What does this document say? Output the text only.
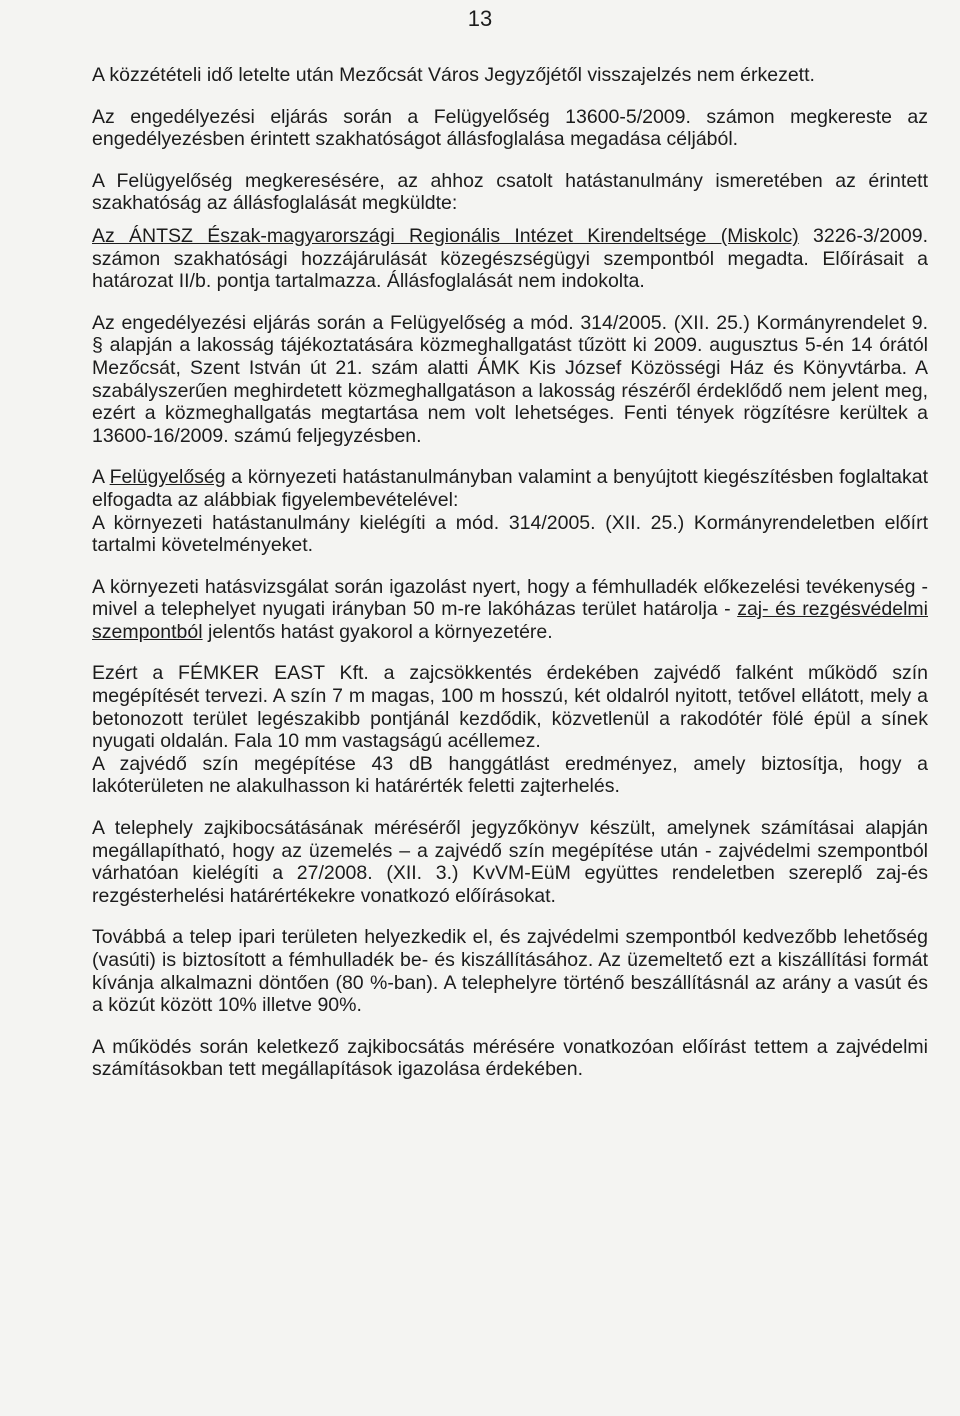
13

A közzétételi idő letelte után Mezőcsát Város Jegyzőjétől visszajelzés nem érkezett.

Az engedélyezési eljárás során a Felügyelőség 13600-5/2009. számon megkereste az engedélyezésben érintett szakhatóságot állásfoglalása megadása céljából.

A Felügyelőség megkeresésére, az ahhoz csatolt hatástanulmány ismeretében az érintett szakhatóság az állásfoglalását megküldte:

Az ÁNTSZ Észak-magyarországi Regionális Intézet Kirendeltsége (Miskolc) 3226-3/2009. számon szakhatósági hozzájárulását közegészségügyi szempontból megadta. Előírásait a határozat II/b. pontja tartalmazza. Állásfoglalását nem indokolta.

Az engedélyezési eljárás során a Felügyelőség a mód. 314/2005. (XII. 25.) Kormányrendelet 9. § alapján a lakosság tájékoztatására közmeghallgatást tűzött ki 2009. augusztus 5-én 14 órától Mezőcsát, Szent István út 21. szám alatti ÁMK Kis József Közösségi Ház és Könyvtárba. A szabályszerűen meghirdetett közmeghallgatáson a lakosság részéről érdeklődő nem jelent meg, ezért a közmeghallgatás megtartása nem volt lehetséges. Fenti tények rögzítésre kerültek a 13600-16/2009. számú feljegyzésben.

A Felügyelőség a környezeti hatástanulmányban valamint a benyújtott kiegészítésben foglaltakat elfogadta az alábbiak figyelembevételével:

A környezeti hatástanulmány kielégíti a mód. 314/2005. (XII. 25.) Kormányrendeletben előírt tartalmi követelményeket.

A környezeti hatásvizsgálat során igazolást nyert, hogy a fémhulladék előkezelési tevékenység - mivel a telephelyet nyugati irányban 50 m-re lakóházas terület határolja - zaj- és rezgésvédelmi szempontból jelentős hatást gyakorol a környezetére.

Ezért a FÉMKER EAST Kft. a zajcsökkentés érdekében zajvédő falként működő szín megépítését tervezi. A szín 7 m magas, 100 m hosszú, két oldalról nyitott, tetővel ellátott, mely a betonozott terület legészakibb pontjánál kezdődik, közvetlenül a rakodótér fölé épül a sínek nyugati oldalán. Fala 10 mm vastagságú acéllemez.

A zajvédő szín megépítése 43 dB hanggátlást eredményez, amely biztosítja, hogy a lakóterületen ne alakulhasson ki határérték feletti zajterhelés.

A telephely zajkibocsátásának méréséről jegyzőkönyv készült, amelynek számításai alapján megállapítható, hogy az üzemelés – a zajvédő szín megépítése után - zajvédelmi szempontból várhatóan kielégíti a 27/2008. (XII. 3.) KvVM-EüM együttes rendeletben szereplő zaj-és rezgésterhelési határértékekre vonatkozó előírásokat.

Továbbá a telep ipari területen helyezkedik el, és zajvédelmi szempontból kedvezőbb lehetőség (vasúti) is biztosított a fémhulladék be- és kiszállításához. Az üzemeltető ezt a kiszállítási formát kívánja alkalmazni döntően (80 %-ban). A telephelyre történő beszállításnál az arány a vasút és a közút között 10% illetve 90%.

A működés során keletkező zajkibocsátás mérésére vonatkozóan előírást tettem a zajvédelmi számításokban tett megállapítások igazolása érdekében.
